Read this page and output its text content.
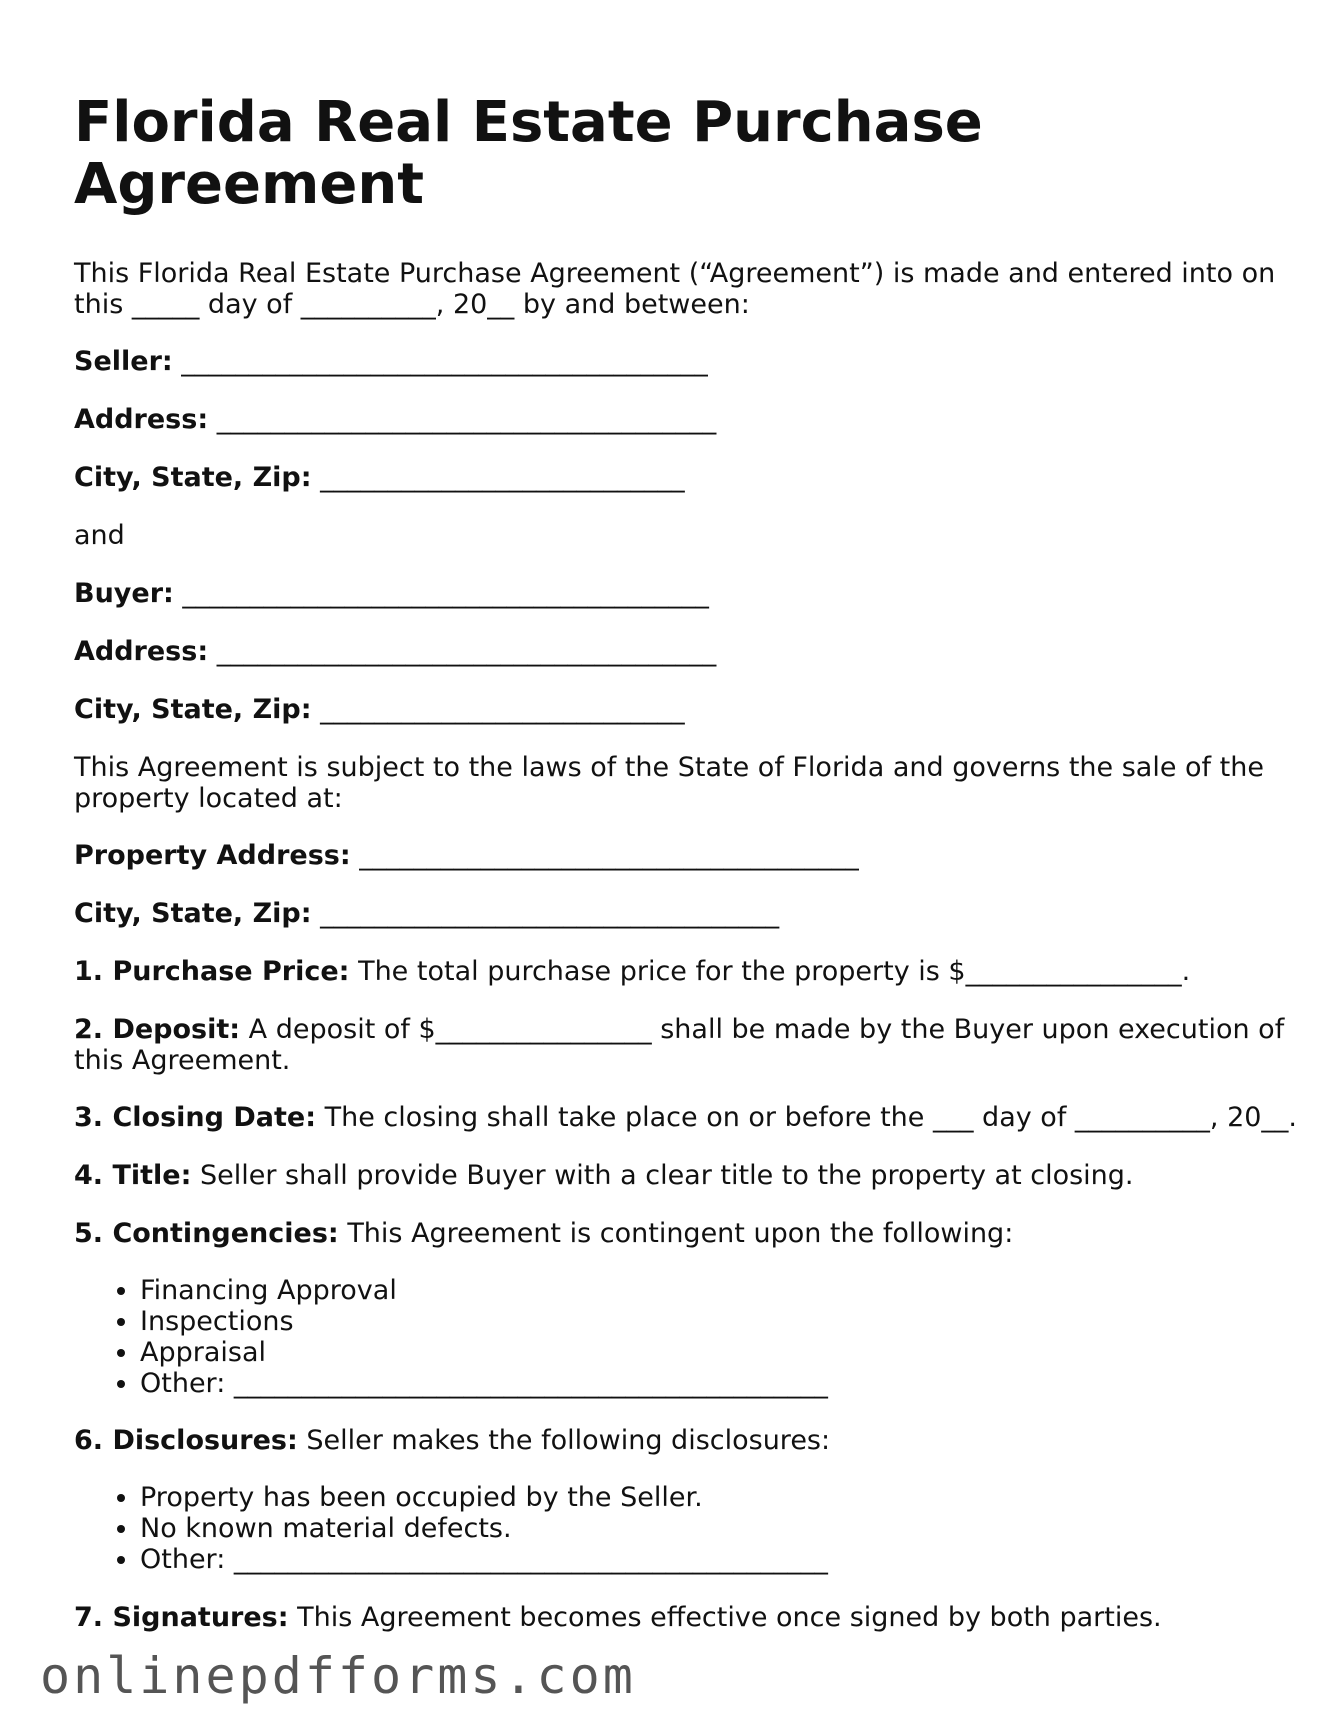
Florida Real Estate Purchase Agreement

This Florida Real Estate Purchase Agreement (“Agreement”) is made and entered into on

this _____ day of __________, 20__ by and between:

Seller: _______________________________________

Address: _____________________________________

City, State, Zip: ___________________________

and

Buyer: _______________________________________

Address: _____________________________________

City, State, Zip: ___________________________

This Agreement is subject to the laws of the State of Florida and governs the sale of the

property located at:

Property Address: _____________________________________

City, State, Zip: __________________________________

1. Purchase Price: The total purchase price for the property is $________________.

2. Deposit: A deposit of $________________ shall be made by the Buyer upon execution of

this Agreement.

3. Closing Date: The closing shall take place on or before the ___ day of __________, 20__.

4. Title: Seller shall provide Buyer with a clear title to the property at closing.

5. Contingencies: This Agreement is contingent upon the following:

• Financing Approval
• Inspections
• Appraisal
• Other: ____________________________________________

6. Disclosures: Seller makes the following disclosures:

• Property has been occupied by the Seller.
• No known material defects.
• Other: ____________________________________________

7. Signatures: This Agreement becomes effective once signed by both parties.

onlinepdfforms.com
